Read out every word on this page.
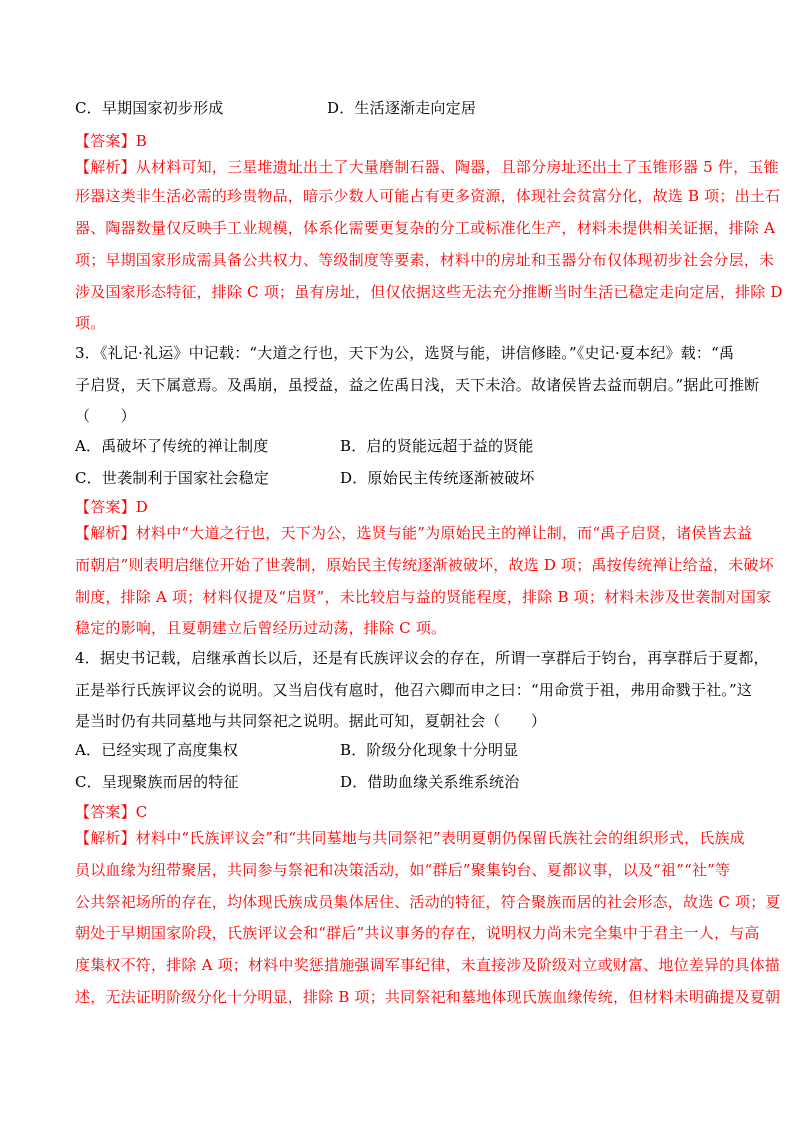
C．早期国家初步形成	D．生活逐渐走向定居
【答案】B
【解析】从材料可知，三星堆遗址出土了大量磨制石器、陶器，且部分房址还出土了玉锥形器 5 件，玉锥
形器这类非生活必需的珍贵物品，暗示少数人可能占有更多资源，体现社会贫富分化，故选 B 项；出土石
器、陶器数量仅反映手工业规模，体系化需要更复杂的分工或标准化生产，材料未提供相关证据，排除 A
项；早期国家形成需具备公共权力、等级制度等要素，材料中的房址和玉器分布仅体现初步社会分层，未
涉及国家形态特征，排除 C 项；虽有房址，但仅依据这些无法充分推断当时生活已稳定走向定居，排除 D
项。
3．《礼记·礼运》中记载：“大道之行也，天下为公，选贤与能，讲信修睦。”《史记·夏本纪》载：“禹
子启贤，天下属意焉。及禹崩，虽授益，益之佐禹日浅，天下未洽。故诸侯皆去益而朝启。”据此可推断
（　　）
A．禹破坏了传统的禅让制度	B．启的贤能远超于益的贤能
C．世袭制利于国家社会稳定	D．原始民主传统逐渐被破坏
【答案】D
【解析】材料中“大道之行也，天下为公，选贤与能”为原始民主的禅让制，而“禹子启贤，诸侯皆去益
而朝启”则表明启继位开始了世袭制，原始民主传统逐渐被破坏，故选 D 项；禹按传统禅让给益，未破坏
制度，排除 A 项；材料仅提及“启贤”，未比较启与益的贤能程度，排除 B 项；材料未涉及世袭制对国家
稳定的影响，且夏朝建立后曾经历过动荡，排除 C 项。
4．据史书记载，启继承酋长以后，还是有氏族评议会的存在，所谓一享群后于钧台，再享群后于夏都，
正是举行氏族评议会的说明。又当启伐有扈时，他召六卿而申之曰：“用命赏于祖，弗用命戮于社。”这
是当时仍有共同墓地与共同祭祀之说明。据此可知，夏朝社会（　　）
A．已经实现了高度集权	B．阶级分化现象十分明显
C．呈现聚族而居的特征	D．借助血缘关系维系统治
【答案】C
【解析】材料中“氏族评议会”和“共同墓地与共同祭祀”表明夏朝仍保留氏族社会的组织形式，氏族成
员以血缘为纽带聚居，共同参与祭祀和决策活动，如“群后”聚集钧台、夏都议事，以及“祖”“社”等
公共祭祀场所的存在，均体现氏族成员集体居住、活动的特征，符合聚族而居的社会形态，故选 C 项；夏
朝处于早期国家阶段，氏族评议会和“群后”共议事务的存在，说明权力尚未完全集中于君主一人，与高
度集权不符，排除 A 项；材料中奖惩措施强调军事纪律，未直接涉及阶级对立或财富、地位差异的具体描
述，无法证明阶级分化十分明显，排除 B 项；共同祭祀和墓地体现氏族血缘传统，但材料未明确提及夏朝
